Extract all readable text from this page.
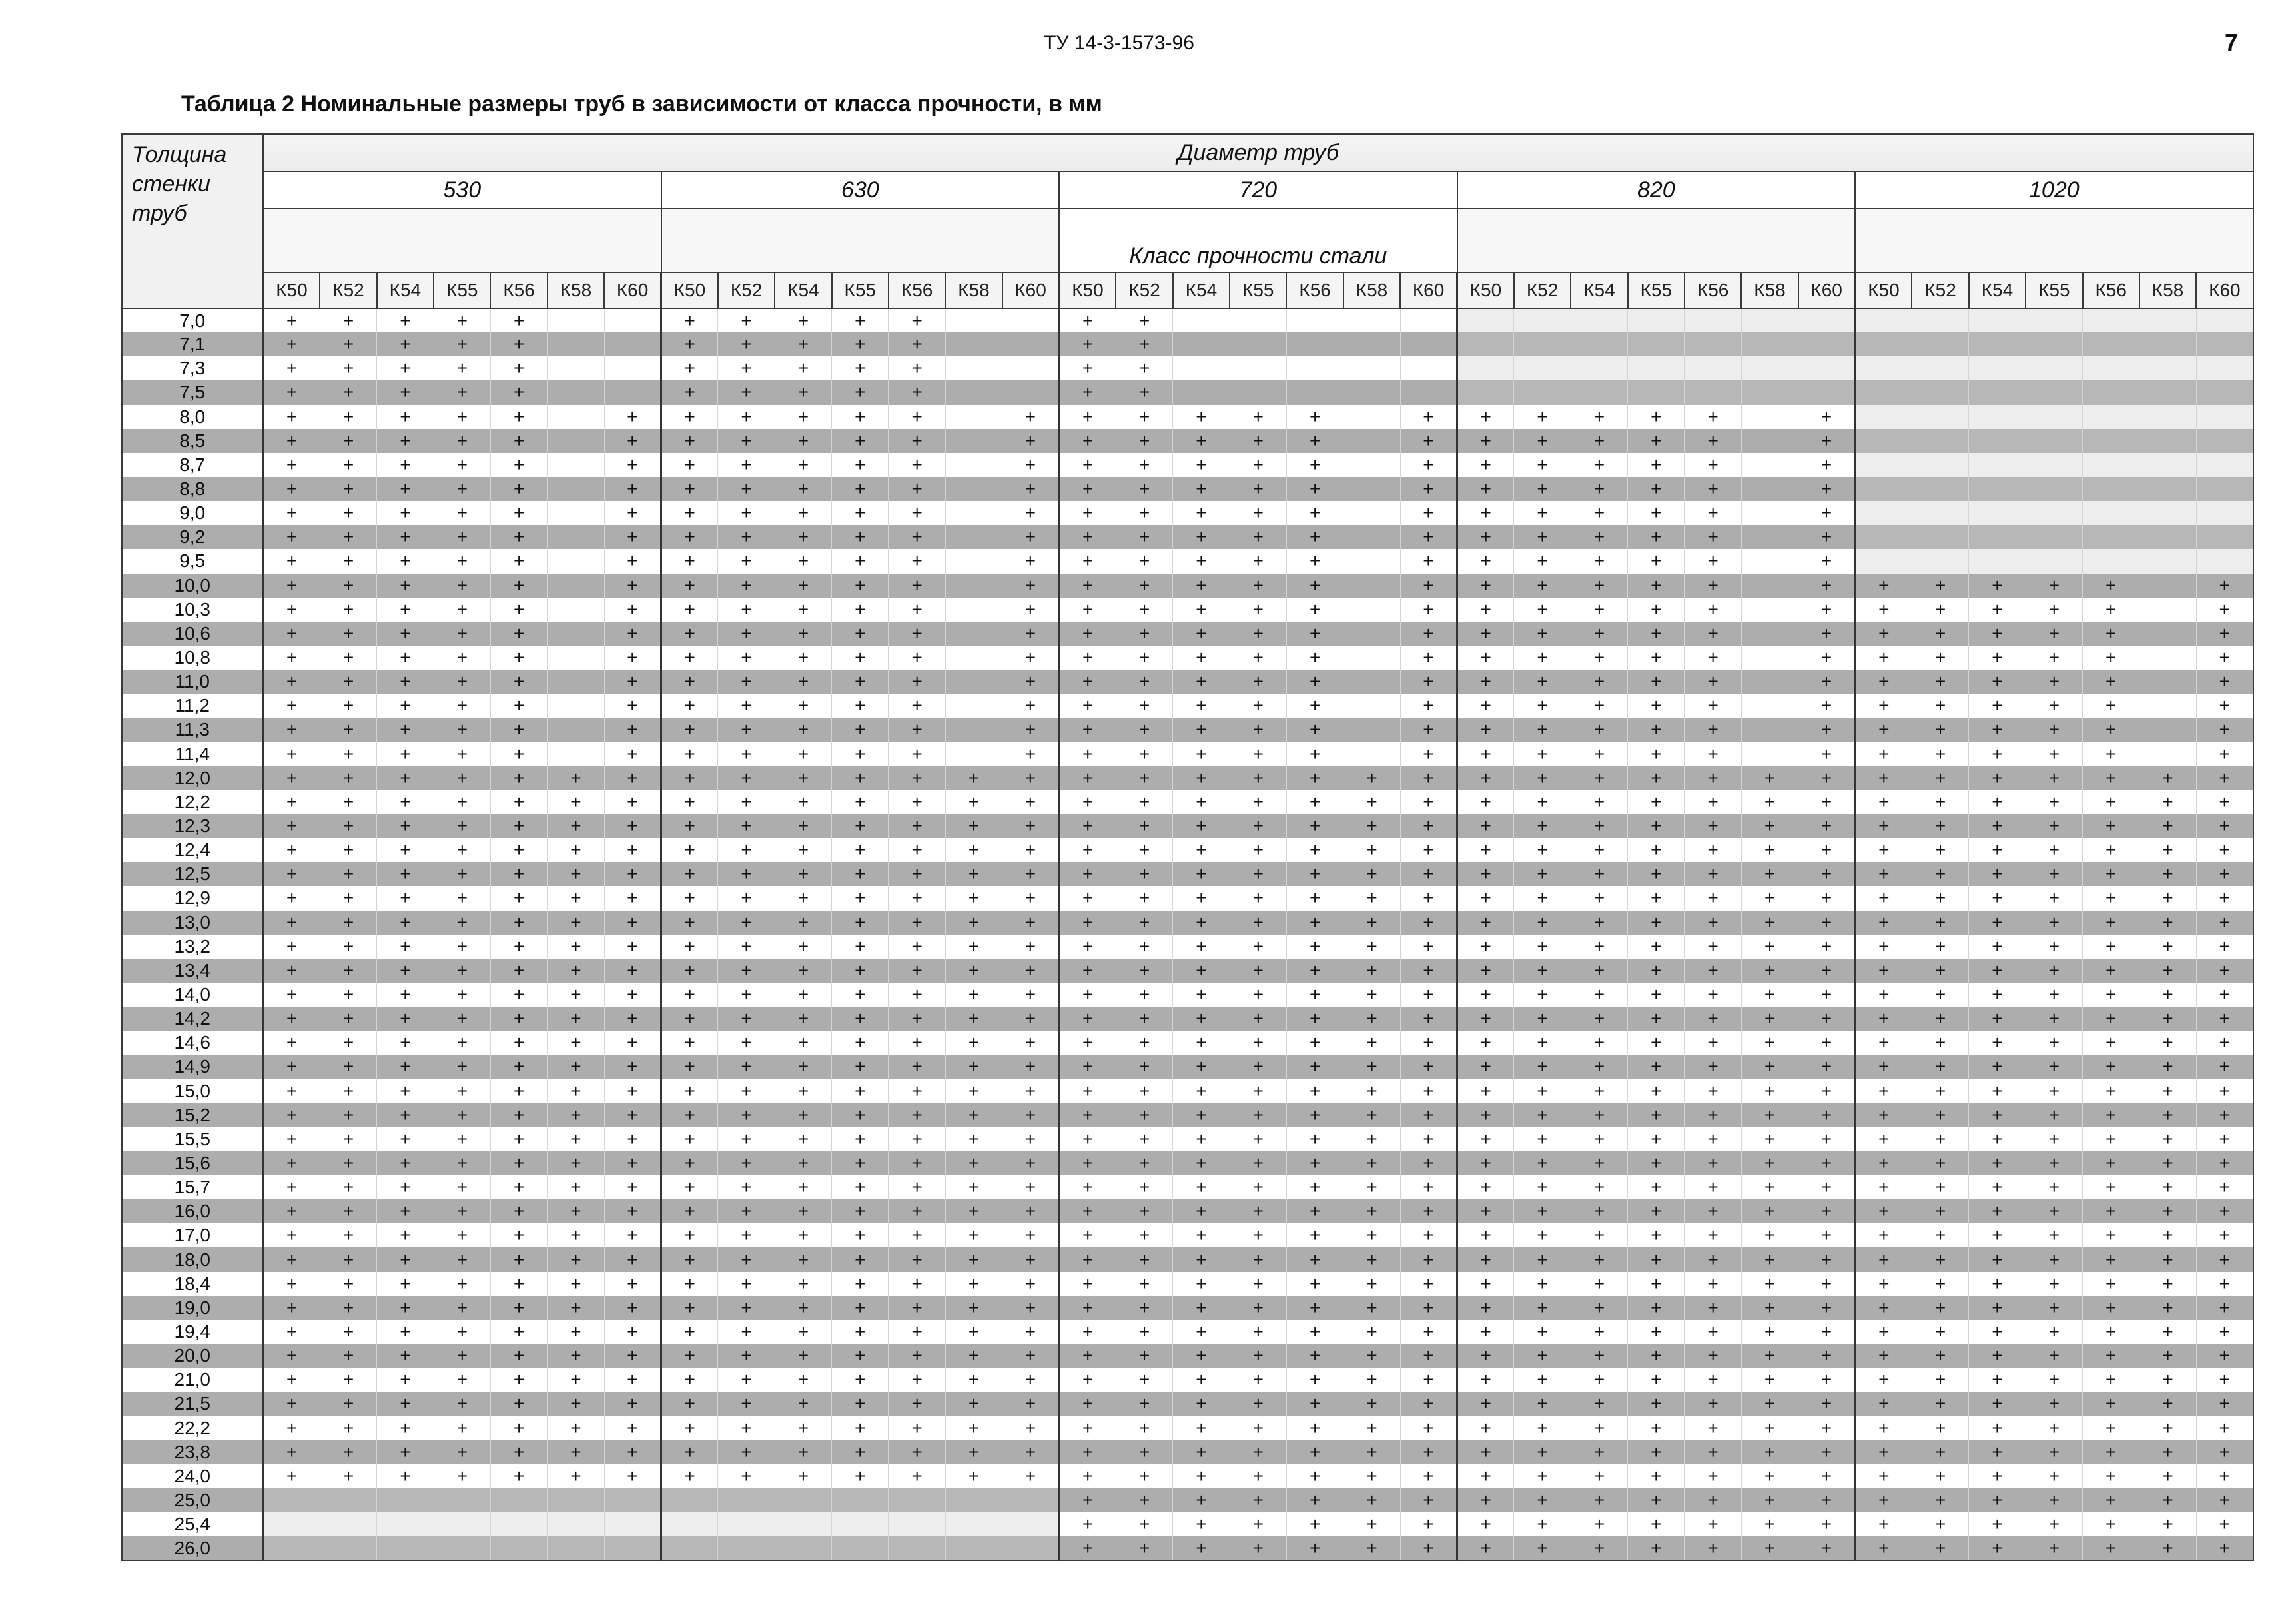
ТУ 14-3-1573-96	7
Таблица 2 Номинальные размеры труб в зависимости от класса прочности, в мм
Толщина
стенки
труб	Диаметр труб																																		
	530							630							720							820							1020						
															Класс прочности стали																				
	К50	К52	К54	К55	К56	К58	К60	К50	К52	К54	К55	К56	К58	К60	К50	К52	К54	К55	К56	К58	К60	К50	К52	К54	К55	К56	К58	К60	К50	К52	К54	К55	К56	К58	К60
7,0	+	+	+	+	+			+	+	+	+	+			+	+																			
7,1	+	+	+	+	+			+	+	+	+	+			+	+																			
7,3	+	+	+	+	+			+	+	+	+	+			+	+																			
7,5	+	+	+	+	+			+	+	+	+	+			+	+																			
8,0	+	+	+	+	+		+	+	+	+	+	+		+	+	+	+	+	+		+	+	+	+	+	+		+							
8,5	+	+	+	+	+		+	+	+	+	+	+		+	+	+	+	+	+		+	+	+	+	+	+		+							
8,7	+	+	+	+	+		+	+	+	+	+	+		+	+	+	+	+	+		+	+	+	+	+	+		+							
8,8	+	+	+	+	+		+	+	+	+	+	+		+	+	+	+	+	+		+	+	+	+	+	+		+							
9,0	+	+	+	+	+		+	+	+	+	+	+		+	+	+	+	+	+		+	+	+	+	+	+		+							
9,2	+	+	+	+	+		+	+	+	+	+	+		+	+	+	+	+	+		+	+	+	+	+	+		+							
9,5	+	+	+	+	+		+	+	+	+	+	+		+	+	+	+	+	+		+	+	+	+	+	+		+							
10,0	+	+	+	+	+		+	+	+	+	+	+		+	+	+	+	+	+		+	+	+	+	+	+		+	+	+	+	+	+		+
10,3	+	+	+	+	+		+	+	+	+	+	+		+	+	+	+	+	+		+	+	+	+	+	+		+	+	+	+	+	+		+
10,6	+	+	+	+	+		+	+	+	+	+	+		+	+	+	+	+	+		+	+	+	+	+	+		+	+	+	+	+	+		+
10,8	+	+	+	+	+		+	+	+	+	+	+		+	+	+	+	+	+		+	+	+	+	+	+		+	+	+	+	+	+		+
11,0	+	+	+	+	+		+	+	+	+	+	+		+	+	+	+	+	+		+	+	+	+	+	+		+	+	+	+	+	+		+
11,2	+	+	+	+	+		+	+	+	+	+	+		+	+	+	+	+	+		+	+	+	+	+	+		+	+	+	+	+	+		+
11,3	+	+	+	+	+		+	+	+	+	+	+		+	+	+	+	+	+		+	+	+	+	+	+		+	+	+	+	+	+		+
11,4	+	+	+	+	+		+	+	+	+	+	+		+	+	+	+	+	+		+	+	+	+	+	+		+	+	+	+	+	+		+
12,0	+	+	+	+	+	+	+	+	+	+	+	+	+	+	+	+	+	+	+	+	+	+	+	+	+	+	+	+	+	+	+	+	+	+	+
12,2	+	+	+	+	+	+	+	+	+	+	+	+	+	+	+	+	+	+	+	+	+	+	+	+	+	+	+	+	+	+	+	+	+	+	+
12,3	+	+	+	+	+	+	+	+	+	+	+	+	+	+	+	+	+	+	+	+	+	+	+	+	+	+	+	+	+	+	+	+	+	+	+
12,4	+	+	+	+	+	+	+	+	+	+	+	+	+	+	+	+	+	+	+	+	+	+	+	+	+	+	+	+	+	+	+	+	+	+	+
12,5	+	+	+	+	+	+	+	+	+	+	+	+	+	+	+	+	+	+	+	+	+	+	+	+	+	+	+	+	+	+	+	+	+	+	+
12,9	+	+	+	+	+	+	+	+	+	+	+	+	+	+	+	+	+	+	+	+	+	+	+	+	+	+	+	+	+	+	+	+	+	+	+
13,0	+	+	+	+	+	+	+	+	+	+	+	+	+	+	+	+	+	+	+	+	+	+	+	+	+	+	+	+	+	+	+	+	+	+	+
13,2	+	+	+	+	+	+	+	+	+	+	+	+	+	+	+	+	+	+	+	+	+	+	+	+	+	+	+	+	+	+	+	+	+	+	+
13,4	+	+	+	+	+	+	+	+	+	+	+	+	+	+	+	+	+	+	+	+	+	+	+	+	+	+	+	+	+	+	+	+	+	+	+
14,0	+	+	+	+	+	+	+	+	+	+	+	+	+	+	+	+	+	+	+	+	+	+	+	+	+	+	+	+	+	+	+	+	+	+	+
14,2	+	+	+	+	+	+	+	+	+	+	+	+	+	+	+	+	+	+	+	+	+	+	+	+	+	+	+	+	+	+	+	+	+	+	+
14,6	+	+	+	+	+	+	+	+	+	+	+	+	+	+	+	+	+	+	+	+	+	+	+	+	+	+	+	+	+	+	+	+	+	+	+
14,9	+	+	+	+	+	+	+	+	+	+	+	+	+	+	+	+	+	+	+	+	+	+	+	+	+	+	+	+	+	+	+	+	+	+	+
15,0	+	+	+	+	+	+	+	+	+	+	+	+	+	+	+	+	+	+	+	+	+	+	+	+	+	+	+	+	+	+	+	+	+	+	+
15,2	+	+	+	+	+	+	+	+	+	+	+	+	+	+	+	+	+	+	+	+	+	+	+	+	+	+	+	+	+	+	+	+	+	+	+
15,5	+	+	+	+	+	+	+	+	+	+	+	+	+	+	+	+	+	+	+	+	+	+	+	+	+	+	+	+	+	+	+	+	+	+	+
15,6	+	+	+	+	+	+	+	+	+	+	+	+	+	+	+	+	+	+	+	+	+	+	+	+	+	+	+	+	+	+	+	+	+	+	+
15,7	+	+	+	+	+	+	+	+	+	+	+	+	+	+	+	+	+	+	+	+	+	+	+	+	+	+	+	+	+	+	+	+	+	+	+
16,0	+	+	+	+	+	+	+	+	+	+	+	+	+	+	+	+	+	+	+	+	+	+	+	+	+	+	+	+	+	+	+	+	+	+	+
17,0	+	+	+	+	+	+	+	+	+	+	+	+	+	+	+	+	+	+	+	+	+	+	+	+	+	+	+	+	+	+	+	+	+	+	+
18,0	+	+	+	+	+	+	+	+	+	+	+	+	+	+	+	+	+	+	+	+	+	+	+	+	+	+	+	+	+	+	+	+	+	+	+
18,4	+	+	+	+	+	+	+	+	+	+	+	+	+	+	+	+	+	+	+	+	+	+	+	+	+	+	+	+	+	+	+	+	+	+	+
19,0	+	+	+	+	+	+	+	+	+	+	+	+	+	+	+	+	+	+	+	+	+	+	+	+	+	+	+	+	+	+	+	+	+	+	+
19,4	+	+	+	+	+	+	+	+	+	+	+	+	+	+	+	+	+	+	+	+	+	+	+	+	+	+	+	+	+	+	+	+	+	+	+
20,0	+	+	+	+	+	+	+	+	+	+	+	+	+	+	+	+	+	+	+	+	+	+	+	+	+	+	+	+	+	+	+	+	+	+	+
21,0	+	+	+	+	+	+	+	+	+	+	+	+	+	+	+	+	+	+	+	+	+	+	+	+	+	+	+	+	+	+	+	+	+	+	+
21,5	+	+	+	+	+	+	+	+	+	+	+	+	+	+	+	+	+	+	+	+	+	+	+	+	+	+	+	+	+	+	+	+	+	+	+
22,2	+	+	+	+	+	+	+	+	+	+	+	+	+	+	+	+	+	+	+	+	+	+	+	+	+	+	+	+	+	+	+	+	+	+	+
23,8	+	+	+	+	+	+	+	+	+	+	+	+	+	+	+	+	+	+	+	+	+	+	+	+	+	+	+	+	+	+	+	+	+	+	+
24,0	+	+	+	+	+	+	+	+	+	+	+	+	+	+	+	+	+	+	+	+	+	+	+	+	+	+	+	+	+	+	+	+	+	+	+
25,0															+	+	+	+	+	+	+	+	+	+	+	+	+	+	+	+	+	+	+	+	+
25,4															+	+	+	+	+	+	+	+	+	+	+	+	+	+	+	+	+	+	+	+	+
26,0															+	+	+	+	+	+	+	+	+	+	+	+	+	+	+	+	+	+	+	+	+
